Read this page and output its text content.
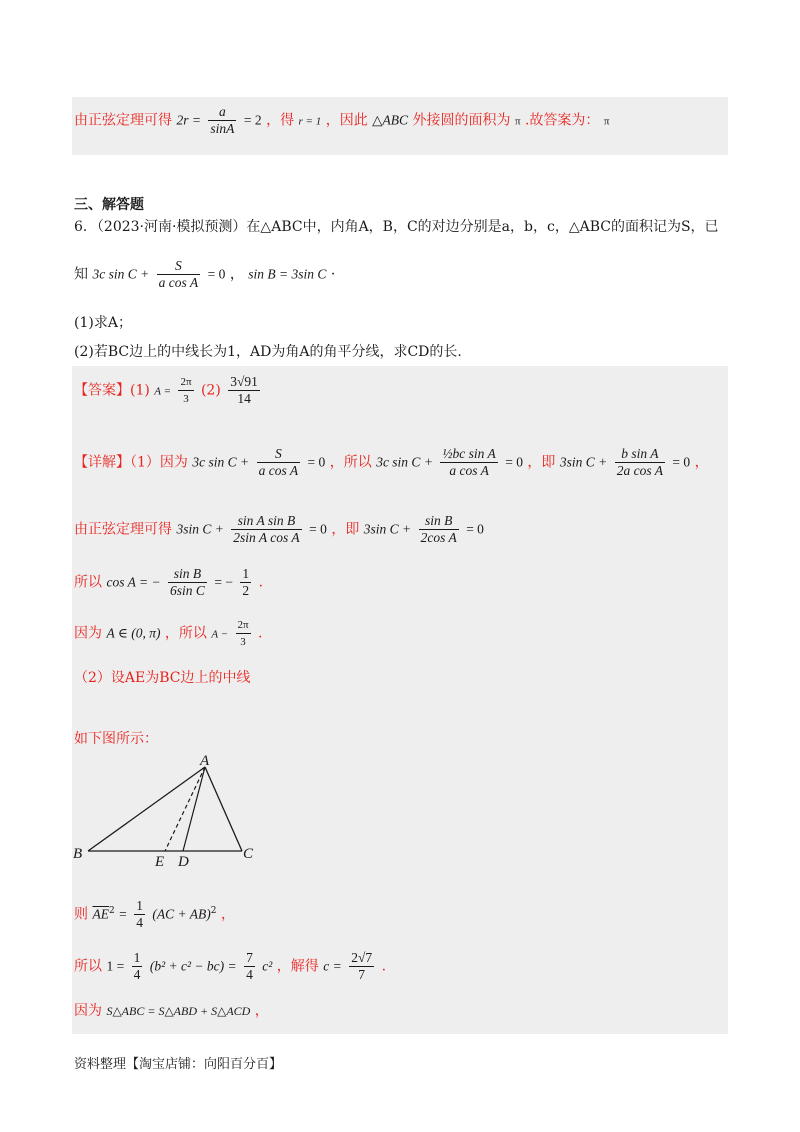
由正弦定理可得 $2r = \frac{a}{\sin A} = 2$ ，得 r = 1 ，因此 △ABC 外接圆的面积为 π .故答案为： π
三、解答题
6．（2023·河南·模拟预测）在△ABC中，内角A，B，C的对边分别是a，b，c，△ABC的面积记为S，已
知 3c $\sin C + \frac{S}{\text{a cos A}} = 0$ ， sin B = 3sin C ·
(1)求A；
(2)若BC边上的中线长为1，AD为角A的角平分线，求CD的长.
【答案】(1) $A = \frac{2\pi}{3} (2) \frac{3√91}{14}$
【详解】（1）因为 3c $\sin C + \frac{S}{\text{a cos A}} = 0$ ，所以 3c $\sin C + \frac{\text{½bc sin A}}{\text{a cos A}} = 0$ ，即 3sin $C + \frac{\text{b sin A}}{\text{2a cos A}} = 0$ ，
由正弦定理可得 3sin $C + \frac{\text{sin A sin B}}{\text{2sin A cos A}} = 0$ ，即 3sin $C + \frac{\text{sin B}}{\text{2cos A}} = 0$
所以 cos A = − $\frac{\text{sin B}}{\text{6sin C}}$ = − $\frac{1}{2}$ .
因为 A ∈ (0, π) ，所以 $A - \frac{2\pi}{3}$ .
（2）设AE为BC边上的中线
如下图所示：
A
B	C
D
E
则 $\overline{AE}^2 = \frac{1}{4} (AC + AB)^2$ ，
所以 $1 = \frac{1}{4} (b^2 + c^2 - bc) = \frac{7}{4} c^2$ ，解得 $c = \frac{2√7}{7}$ .
因为 S△ABC = S△ABD + S△ACD ，
资料整理【淘宝店铺：向阳百分百】
